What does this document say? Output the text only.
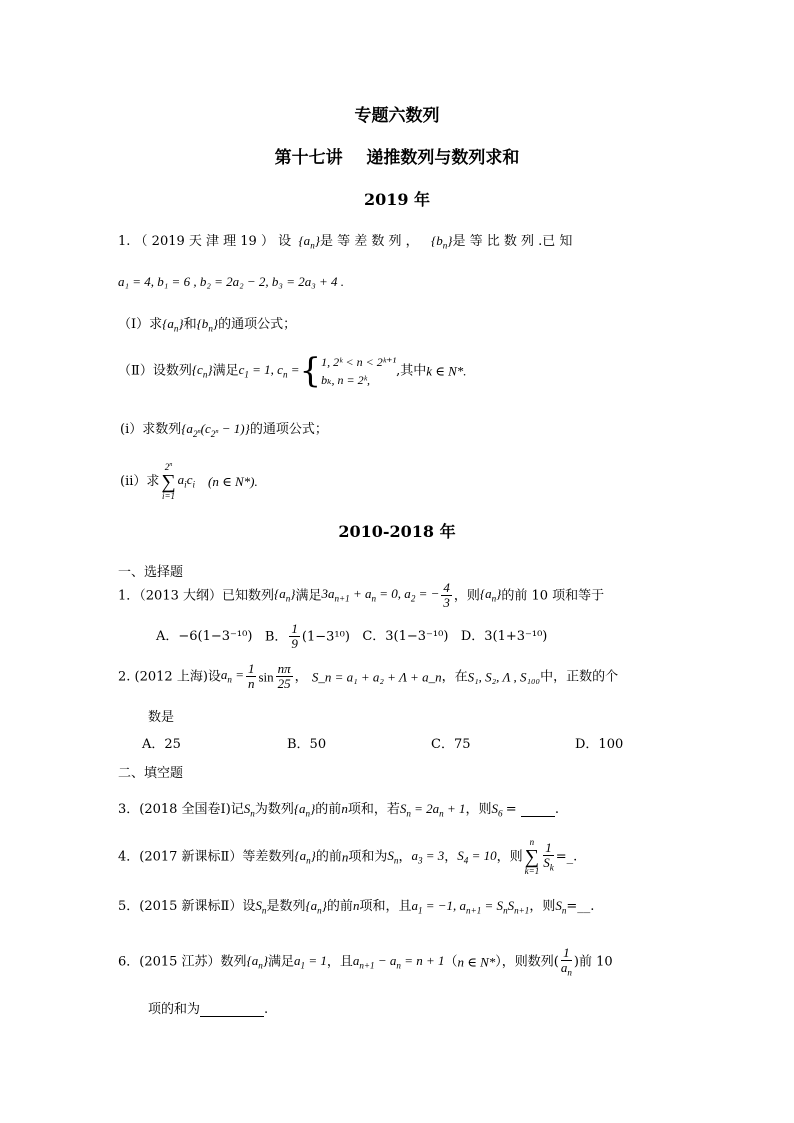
专题六数列
第十七讲    递推数列与数列求和
2019 年
1. （ 2019 天 津 理 19 ） 设  $\{a_n\}$是 等 差 数 列 ， $\{b_n\}$是 等 比 数 列 .已 知
a₁ = 4, b₁ = 6 , b₂ = 2a₂ − 2, b₃ = 2a₃ + 4 .
（Ⅰ）求$\{a_n\}$和$\{b_n\}$的通项公式；
（Ⅱ）设数列$\{c_n\}$满足$c_1 = 1$, $c_n$ ={ 1, 2ᵏ < n < 2ᵏ⁺¹
bₖ, n = 2ᵏ,
,其中k ∈ N*.
(i）求数列$\{a_{2^n}(c_{2^n} - 1)\}$的通项公式；
(ii）求2$^n$
∑
$i=1a_ic_i$ (n ∈ N*).
2010-2018 年
一、选择题
1．（2013 大纲）已知数列$\{a_n\}$满足$3a_{n+1} + a_n = 0$, $a_2$ = − $\frac{4}{3}$ ，则$\{a_n\}$的前 10 项和等于
A．−6(1−3⁻¹⁰) B． $\frac{1}{9} (1-3^{10})$ C．3(1−3⁻¹⁰) D．3(1+3⁻¹⁰)
2. (2012 上海)设$a_n = \frac{1}{n}$ $\sin \frac{n\pi}{25}$ ， S_n = a₁ + a₂ + Λ + a_n，在S₁, S₂, Λ , S₁₀₀中，正数的个
数是
A．25	B．50	C．75	D．100
二、填空题
3．(2018 全国卷Ⅰ)记$S_n$为数列$\{a_n\}$的前n项和，若$S_n = 2a_n + 1$，则$S_6$ =	.
4．(2017 新课标Ⅱ）等差数列$\{a_n\}$的前n项和为$S_n$，$a_3 = 3$，$S_4 = 10$，则n
∑
$k=1 \frac{1}{S_k}$ =_.
5．(2015 新课标Ⅱ）设$S_n$是数列$\{a_n\}$的前n项和，且$a_1 = -1$, $a_{n+1} = S_nS_{n+1}$，则$S_n=\_\_$.
6．(2015 江苏）数列$\{a_n\}$满足$a_1 = 1$，且$a_{n+1} - a_n = n + 1(n$ ∈ N*），则数列( $\frac{1}{a_n}$ )前 10
项的和为	.
